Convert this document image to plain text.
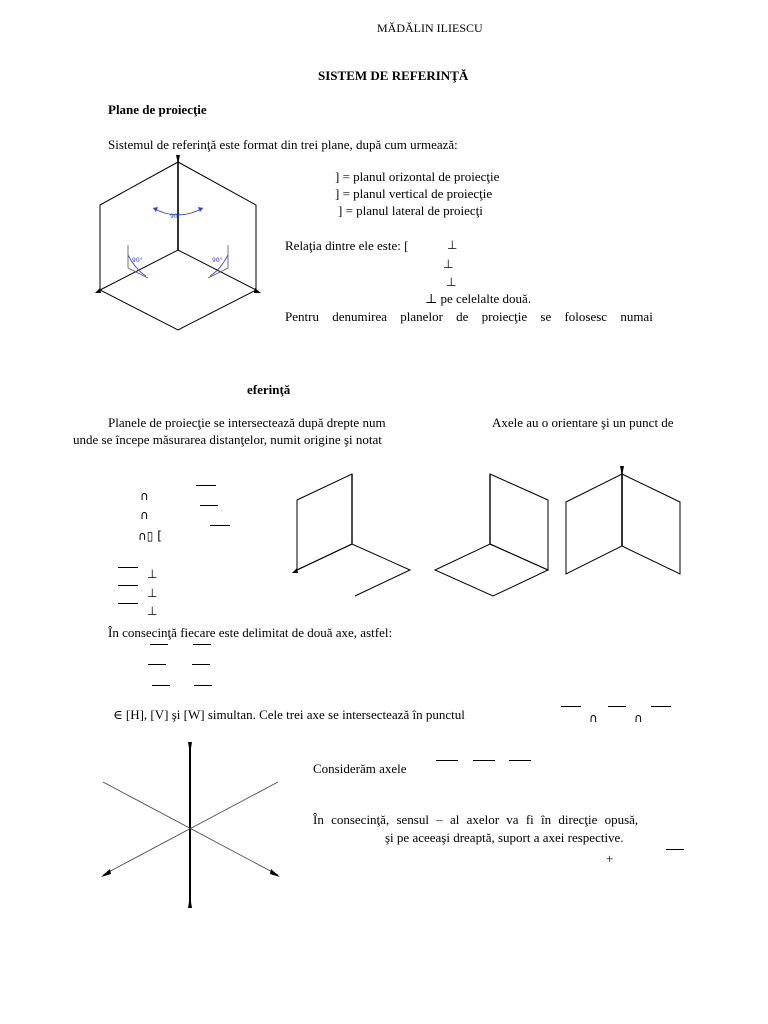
MĂDĂLIN ILIESCU
SISTEM DE REFERINŢĂ
Plane de proiecţie
Sistemul de referinţă este format din trei plane, după cum urmează:
90°
90°	90°
] = planul orizontal de proiecţie
] = planul vertical de proiecţie
] = planul lateral de proiecţi
Relaţia dintre ele este: [	⊥
⊥
⊥
⊥ pe celelalte două.
Pentru denumirea planelor de proiecţie se folosesc numai
eferinţă
Planele de proiecţie se intersectează după drepte num	Axele au o orientare şi un punct de
unde se începe măsurarea distanţelor, numit origine şi notat
∩
∩
∩▯ [
⊥
⊥
⊥
În consecinţă fiecare este delimitat de două axe, astfel:
∈ [H], [V] şi [W] simultan. Cele trei axe se intersectează în punctul	∩	∩
Considerăm axele
În consecinţă, sensul – al axelor va fi în direcţie opusă,
şi pe aceeaşi dreaptă, suport a axei respective.
+
